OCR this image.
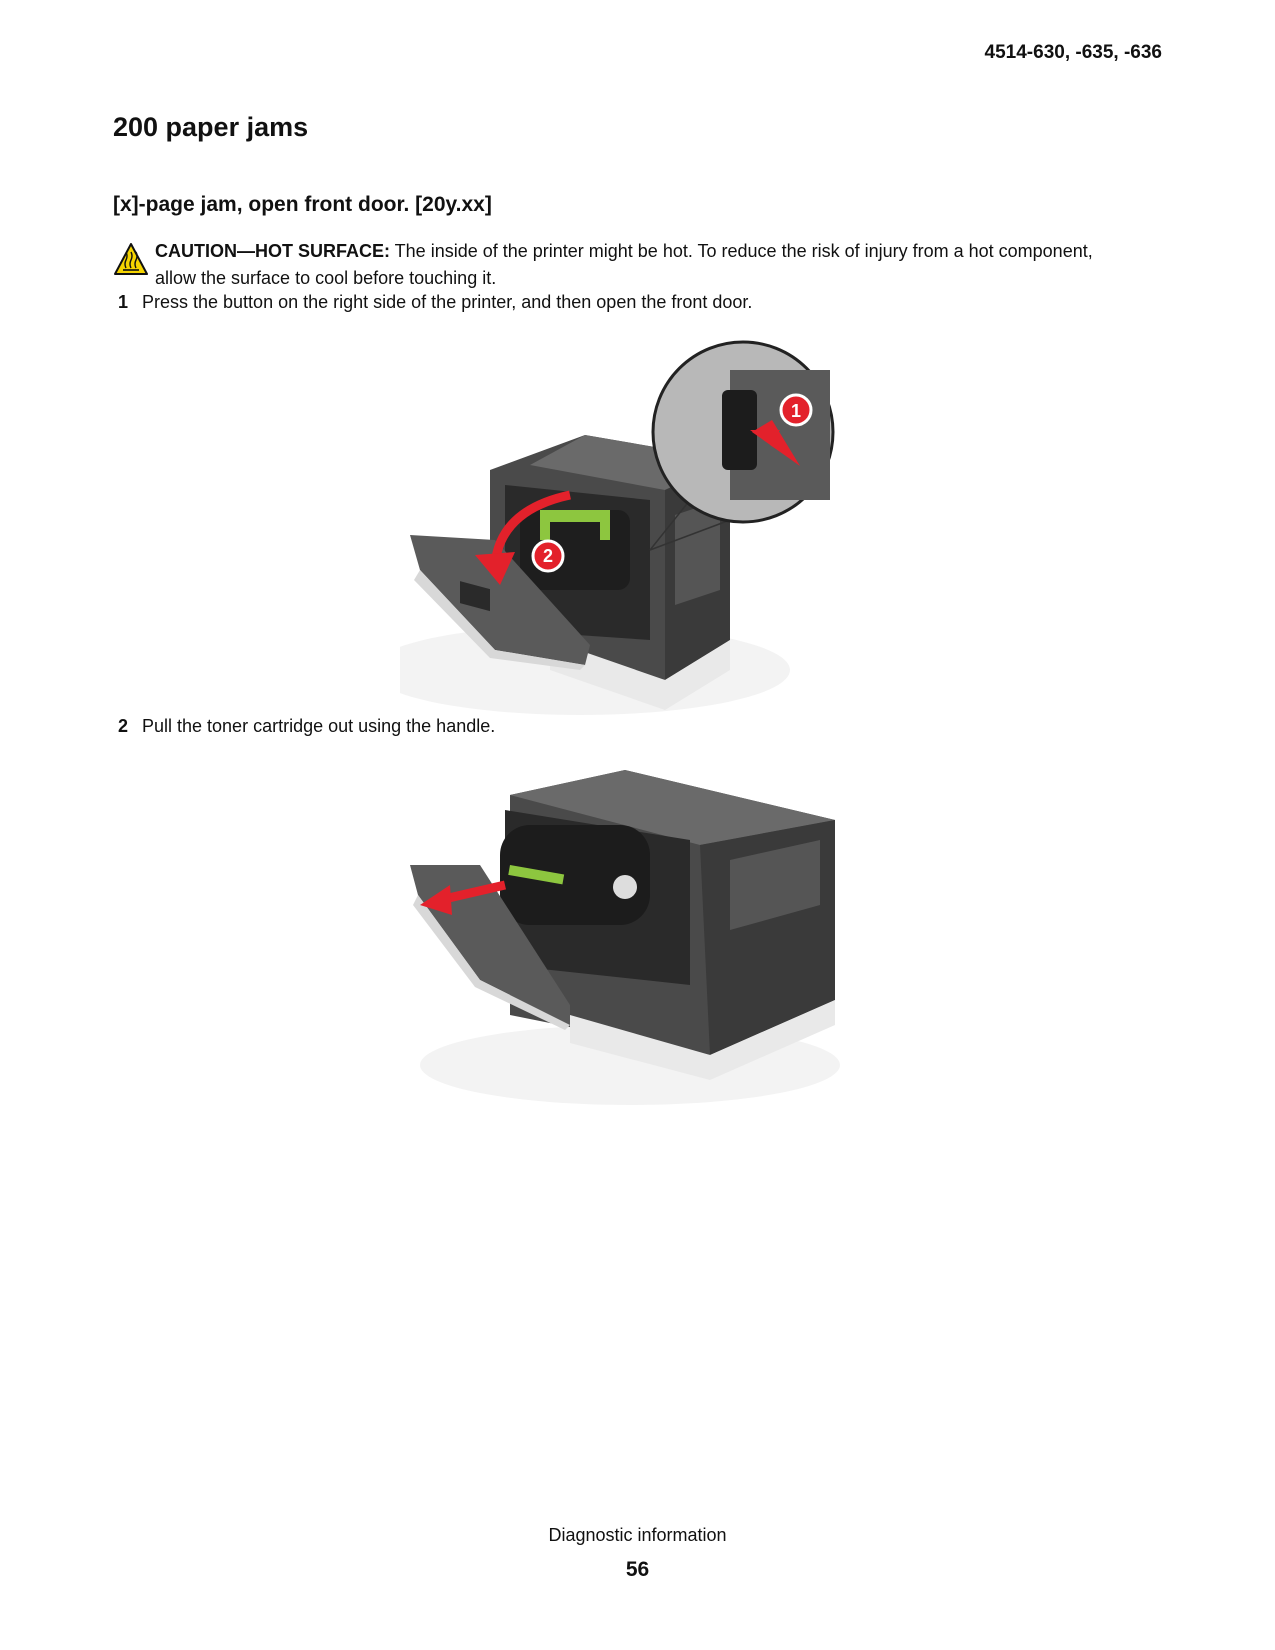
4514-630, -635, -636
200 paper jams
[x]-page jam, open front door. [20y.xx]
CAUTION—HOT SURFACE: The inside of the printer might be hot. To reduce the risk of injury from a hot component, allow the surface to cool before touching it.
1 Press the button on the right side of the printer, and then open the front door.
2
1
2 Pull the toner cartridge out using the handle.
Diagnostic information
56
